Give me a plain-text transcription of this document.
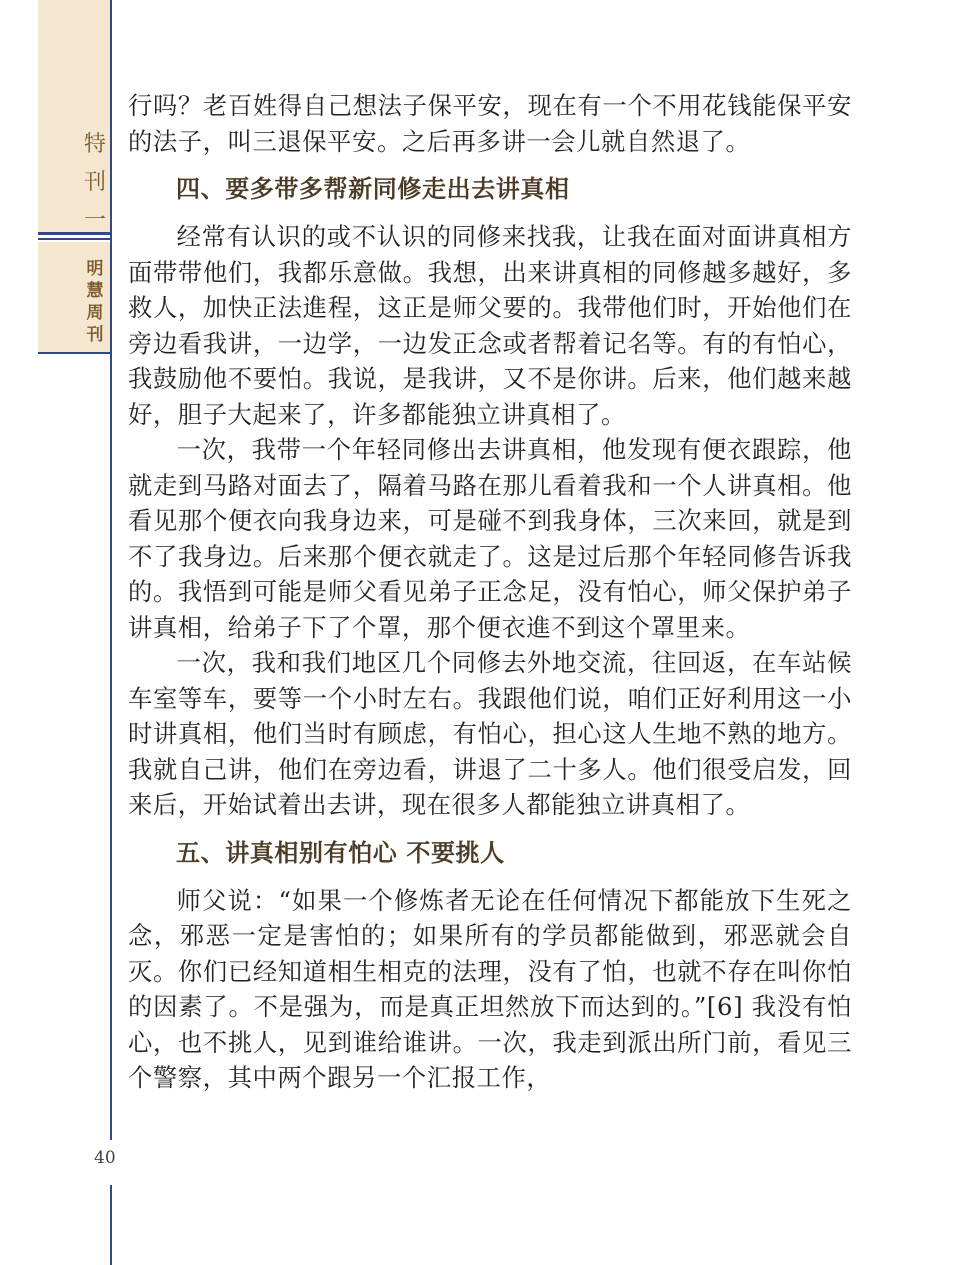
特
刊
一
明
慧
周
刊
40

行吗？老百姓得自己想法子保平安，现在有一个不用花钱能保平安的法子，叫三退保平安。之后再多讲一会儿就自然退了。

四、要多带多帮新同修走出去讲真相

经常有认识的或不认识的同修来找我，让我在面对面讲真相方面带带他们，我都乐意做。我想，出来讲真相的同修越多越好，多救人，加快正法進程，这正是师父要的。我带他们时，开始他们在旁边看我讲，一边学，一边发正念或者帮着记名等。有的有怕心，我鼓励他不要怕。我说，是我讲，又不是你讲。后来，他们越来越好，胆子大起来了，许多都能独立讲真相了。

一次，我带一个年轻同修出去讲真相，他发现有便衣跟踪，他就走到马路对面去了，隔着马路在那儿看着我和一个人讲真相。他看见那个便衣向我身边来，可是碰不到我身体，三次来回，就是到不了我身边。后来那个便衣就走了。这是过后那个年轻同修告诉我的。我悟到可能是师父看见弟子正念足，没有怕心，师父保护弟子讲真相，给弟子下了个罩，那个便衣進不到这个罩里来。

一次，我和我们地区几个同修去外地交流，往回返，在车站候车室等车，要等一个小时左右。我跟他们说，咱们正好利用这一小时讲真相，他们当时有顾虑，有怕心，担心这人生地不熟的地方。我就自己讲，他们在旁边看，讲退了二十多人。他们很受启发，回来后，开始试着出去讲，现在很多人都能独立讲真相了。

五、讲真相别有怕心 不要挑人

师父说：“如果一个修炼者无论在任何情况下都能放下生死之念，邪恶一定是害怕的；如果所有的学员都能做到，邪恶就会自灭。你们已经知道相生相克的法理，没有了怕，也就不存在叫你怕的因素了。不是强为，而是真正坦然放下而达到的。”[6] 我没有怕心，也不挑人，见到谁给谁讲。一次，我走到派出所门前，看见三个警察，其中两个跟另一个汇报工作，
